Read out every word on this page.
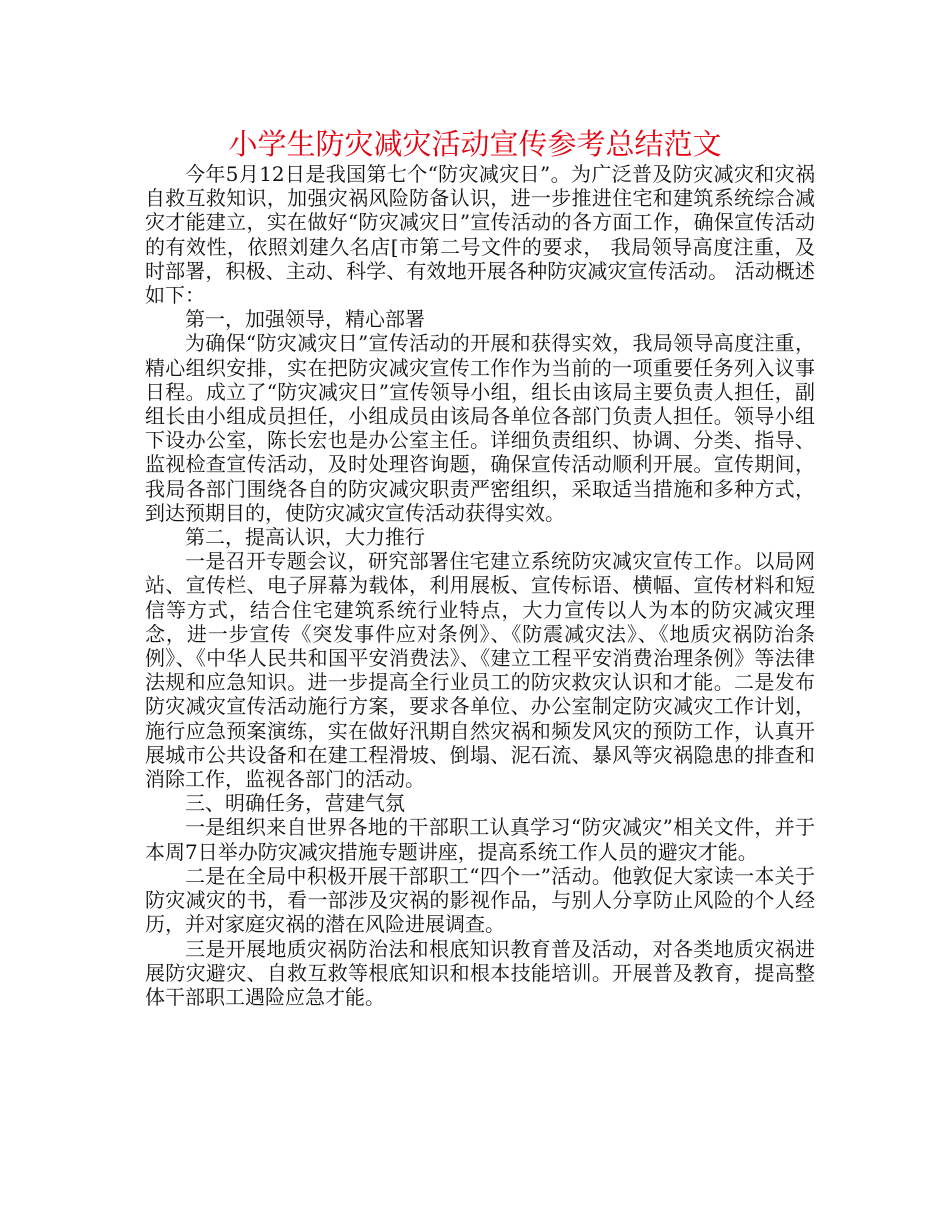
小学生防灾减灾活动宣传参考总结范文

今年5月12日是我国第七个“防灾减灾日”。为广泛普及防灾减灾和灾祸自救互救知识，加强灾祸风险防备认识，进一步推进住宅和建筑系统综合减灾才能建立，实在做好“防灾减灾日”宣传活动的各方面工作，确保宣传活动的有效性，依照刘建久名店[市第二号文件的要求， 我局领导高度注重，及时部署，积极、主动、科学、有效地开展各种防灾减灾宣传活动。 活动概述如下：

第一，加强领导，精心部署

为确保“防灾减灾日”宣传活动的开展和获得实效，我局领导高度注重，精心组织安排，实在把防灾减灾宣传工作作为当前的一项重要任务列入议事日程。成立了“防灾减灾日”宣传领导小组，组长由该局主要负责人担任，副组长由小组成员担任，小组成员由该局各单位各部门负责人担任。领导小组下设办公室，陈长宏也是办公室主任。详细负责组织、协调、分类、指导、监视检查宣传活动，及时处理咨询题，确保宣传活动顺利开展。宣传期间，我局各部门围绕各自的防灾减灾职责严密组织，采取适当措施和多种方式，到达预期目的，使防灾减灾宣传活动获得实效。

第二，提高认识，大力推行

一是召开专题会议，研究部署住宅建立系统防灾减灾宣传工作。以局网站、宣传栏、电子屏幕为载体，利用展板、宣传标语、横幅、宣传材料和短信等方式，结合住宅建筑系统行业特点，大力宣传以人为本的防灾减灾理念，进一步宣传《突发事件应对条例》、《防震减灾法》、《地质灾祸防治条例》、《中华人民共和国平安消费法》、《建立工程平安消费治理条例》等法律法规和应急知识。进一步提高全行业员工的防灾救灾认识和才能。二是发布防灾减灾宣传活动施行方案，要求各单位、办公室制定防灾减灾工作计划，施行应急预案演练，实在做好汛期自然灾祸和频发风灾的预防工作，认真开展城市公共设备和在建工程滑坡、倒塌、泥石流、暴风等灾祸隐患的排查和消除工作，监视各部门的活动。

三、明确任务，营建气氛

一是组织来自世界各地的干部职工认真学习“防灾减灾”相关文件，并于本周7日举办防灾减灾措施专题讲座，提高系统工作人员的避灾才能。

二是在全局中积极开展干部职工“四个一”活动。他敦促大家读一本关于防灾减灾的书，看一部涉及灾祸的影视作品，与别人分享防止风险的个人经历，并对家庭灾祸的潜在风险进展调查。

三是开展地质灾祸防治法和根底知识教育普及活动，对各类地质灾祸进展防灾避灾、自救互救等根底知识和根本技能培训。开展普及教育，提高整体干部职工遇险应急才能。
